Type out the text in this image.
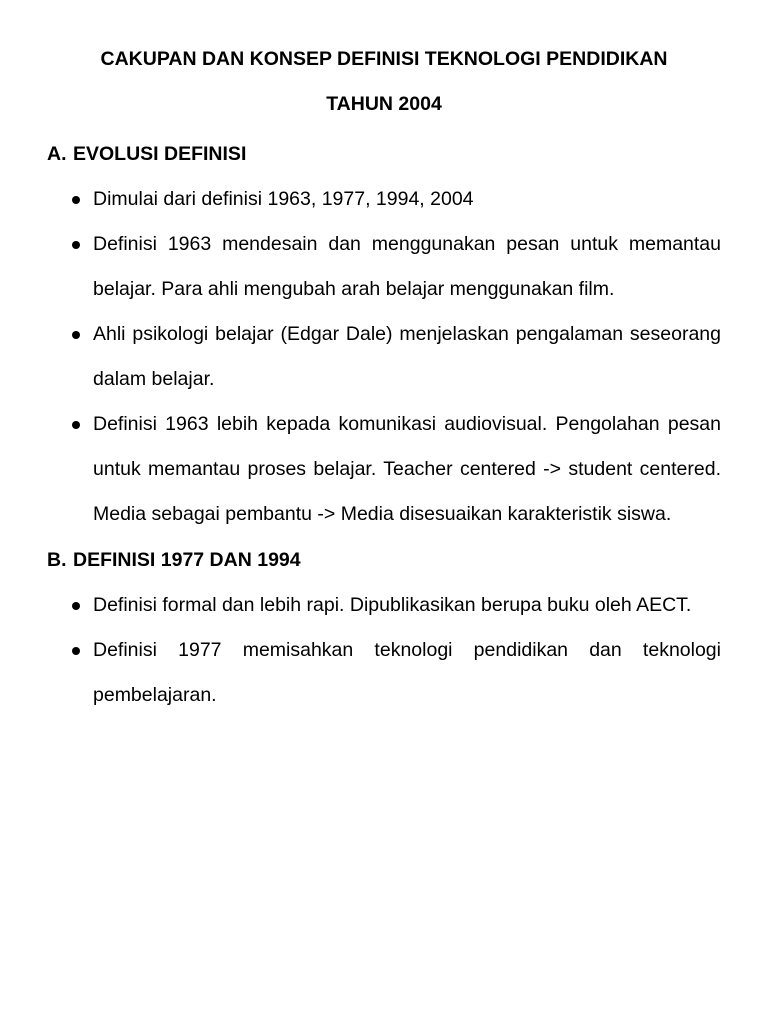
CAKUPAN DAN KONSEP DEFINISI TEKNOLOGI PENDIDIKAN
TAHUN 2004
A. EVOLUSI DEFINISI
Dimulai dari definisi 1963, 1977, 1994, 2004
Definisi 1963 mendesain dan menggunakan pesan untuk memantau belajar. Para ahli mengubah arah belajar menggunakan film.
Ahli psikologi belajar (Edgar Dale) menjelaskan pengalaman seseorang dalam belajar.
Definisi 1963 lebih kepada komunikasi audiovisual. Pengolahan pesan untuk memantau proses belajar. Teacher centered -> student centered. Media sebagai pembantu -> Media disesuaikan karakteristik siswa.
B. DEFINISI 1977 DAN 1994
Definisi formal dan lebih rapi. Dipublikasikan berupa buku oleh AECT.
Definisi 1977 memisahkan teknologi pendidikan dan teknologi pembelajaran.
